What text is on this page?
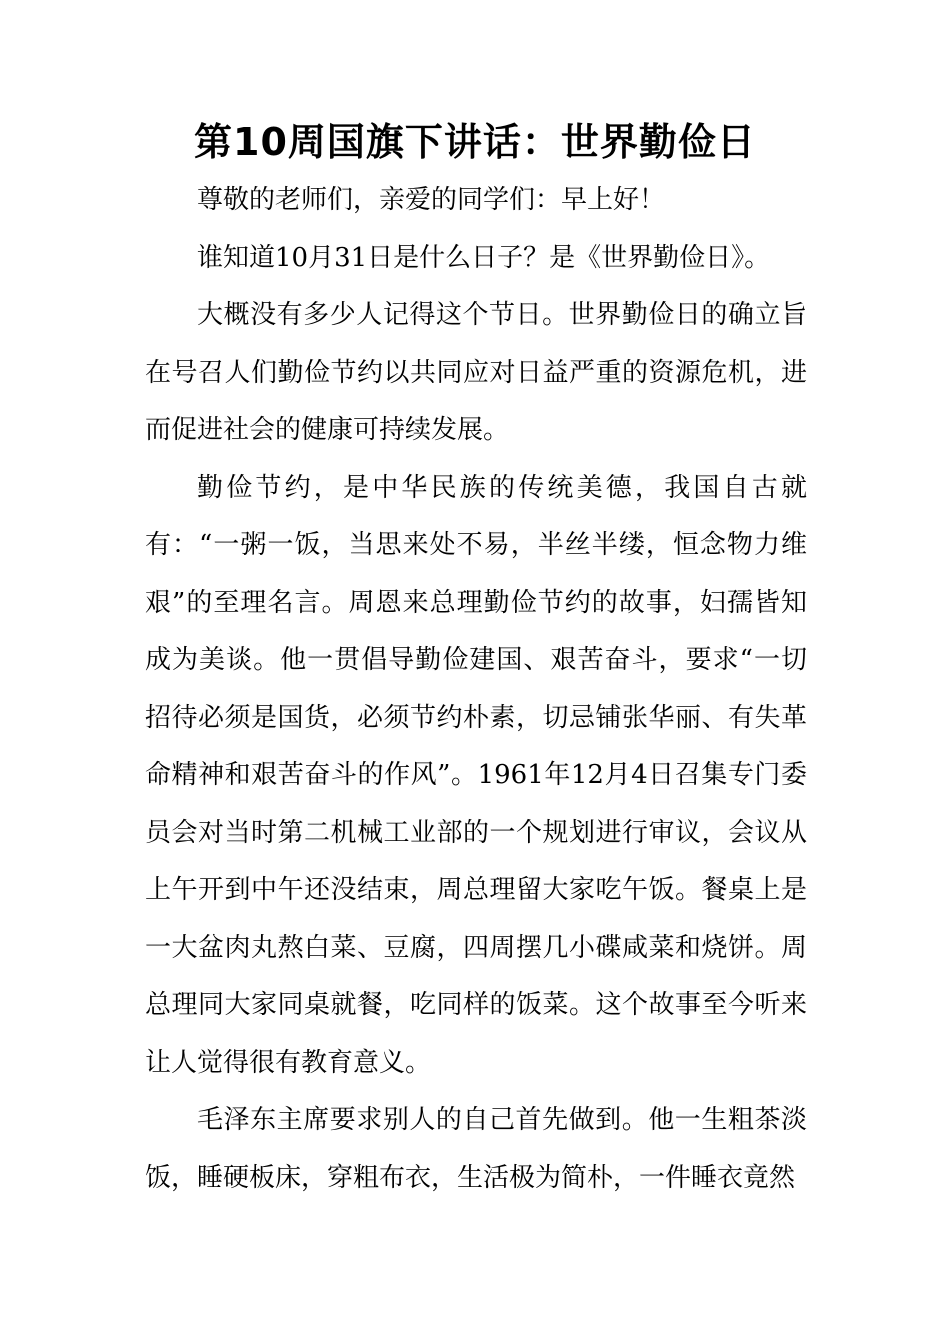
第10周国旗下讲话：世界勤俭日

尊敬的老师们，亲爱的同学们：早上好！

谁知道10月31日是什么日子？是《世界勤俭日》。

大概没有多少人记得这个节日。世界勤俭日的确立旨在号召人们勤俭节约以共同应对日益严重的资源危机，进而促进社会的健康可持续发展。

勤俭节约，是中华民族的传统美德，我国自古就有：“一粥一饭，当思来处不易，半丝半缕，恒念物力维艰”的至理名言。周恩来总理勤俭节约的故事，妇孺皆知成为美谈。他一贯倡导勤俭建国、艰苦奋斗，要求“一切招待必须是国货，必须节约朴素，切忌铺张华丽、有失革命精神和艰苦奋斗的作风”。1961年12月4日召集专门委员会对当时第二机械工业部的一个规划进行审议，会议从上午开到中午还没结束，周总理留大家吃午饭。餐桌上是一大盆肉丸熬白菜、豆腐，四周摆几小碟咸菜和烧饼。周总理同大家同桌就餐，吃同样的饭菜。这个故事至今听来让人觉得很有教育意义。

毛泽东主席要求别人的自己首先做到。他一生粗茶淡饭，睡硬板床，穿粗布衣，生活极为简朴，一件睡衣竟然
